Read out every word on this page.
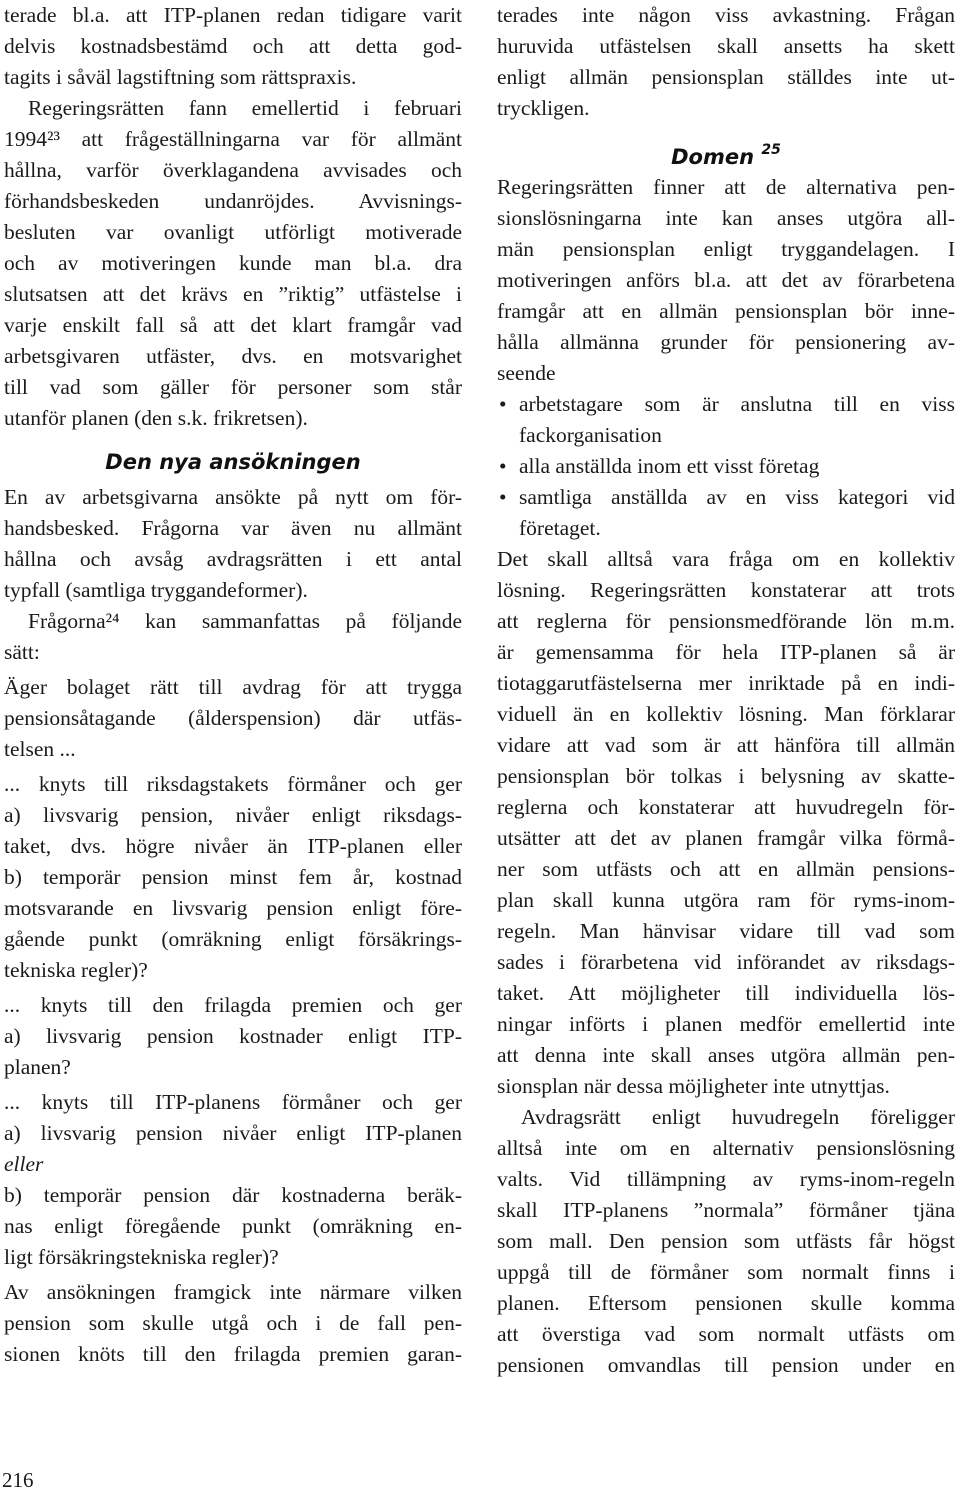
terade bl.a. att ITP-planen redan tidigare varit
delvis kostnadsbestämd och att detta god-
tagits i såväl lagstiftning som rättspraxis.
Regeringsrätten fann emellertid i februari
1994²³ att frågeställningarna var för allmänt
hållna, varför överklagandena avvisades och
förhandsbeskeden undanröjdes. Avvisnings-
besluten var ovanligt utförligt motiverade
och av motiveringen kunde man bl.a. dra
slutsatsen att det krävs en ”riktig” utfästelse i
varje enskilt fall så att det klart framgår vad
arbetsgivaren utfäster, dvs. en motsvarighet
till vad som gäller för personer som står
utanför planen (den s.k. frikretsen).
Den nya ansökningen
En av arbetsgivarna ansökte på nytt om för-
handsbesked. Frågorna var även nu allmänt
hållna och avsåg avdragsrätten i ett antal
typfall (samtliga tryggandeformer).
Frågorna²⁴ kan sammanfattas på följande
sätt:
Äger bolaget rätt till avdrag för att trygga
pensionsåtagande (ålderspension) där utfäs-
telsen ...
... knyts till riksdagstakets förmåner och ger
a) livsvarig pension, nivåer enligt riksdags-
taket, dvs. högre nivåer än ITP-planen eller
b) temporär pension minst fem år, kostnad
motsvarande en livsvarig pension enligt före-
gående punkt (omräkning enligt försäkrings-
tekniska regler)?
... knyts till den frilagda premien och ger
a) livsvarig pension kostnader enligt ITP-
planen?
... knyts till ITP-planens förmåner och ger
a) livsvarig pension nivåer enligt ITP-planen
eller
b) temporär pension där kostnaderna beräk-
nas enligt föregående punkt (omräkning en-
ligt försäkringstekniska regler)?
Av ansökningen framgick inte närmare vilken
pension som skulle utgå och i de fall pen-
sionen knöts till den frilagda premien garan-
terades inte någon viss avkastning. Frågan
huruvida utfästelsen skall ansetts ha skett
enligt allmän pensionsplan ställdes inte ut-
tryckligen.
Domen $^{25}$
Regeringsrätten finner att de alternativa pen-
sionslösningarna inte kan anses utgöra all-
män pensionsplan enligt tryggandelagen. I
motiveringen anförs bl.a. att det av förarbetena
framgår att en allmän pensionsplan bör inne-
hålla allmänna grunder för pensionering av-
seende
• arbetstagare som är anslutna till en viss
fackorganisation
• alla anställda inom ett visst företag
• samtliga anställda av en viss kategori vid
företaget.
Det skall alltså vara fråga om en kollektiv
lösning. Regeringsrätten konstaterar att trots
att reglerna för pensionsmedförande lön m.m.
är gemensamma för hela ITP-planen så är
tiotaggarutfästelserna mer inriktade på en indi-
viduell än en kollektiv lösning. Man förklarar
vidare att vad som är att hänföra till allmän
pensionsplan bör tolkas i belysning av skatte-
reglerna och konstaterar att huvudregeln för-
utsätter att det av planen framgår vilka förmå-
ner som utfästs och att en allmän pensions-
plan skall kunna utgöra ram för ryms-inom-
regeln. Man hänvisar vidare till vad som
sades i förarbetena vid införandet av riksdags-
taket. Att möjligheter till individuella lös-
ningar införts i planen medför emellertid inte
att denna inte skall anses utgöra allmän pen-
sionsplan när dessa möjligheter inte utnyttjas.
Avdragsrätt enligt huvudregeln föreligger
alltså inte om en alternativ pensionslösning
valts. Vid tillämpning av ryms-inom-regeln
skall ITP-planens ”normala” förmåner tjäna
som mall. Den pension som utfästs får högst
uppgå till de förmåner som normalt finns i
planen. Eftersom pensionen skulle komma
att överstiga vad som normalt utfästs om
pensionen omvandlas till pension under en
216
